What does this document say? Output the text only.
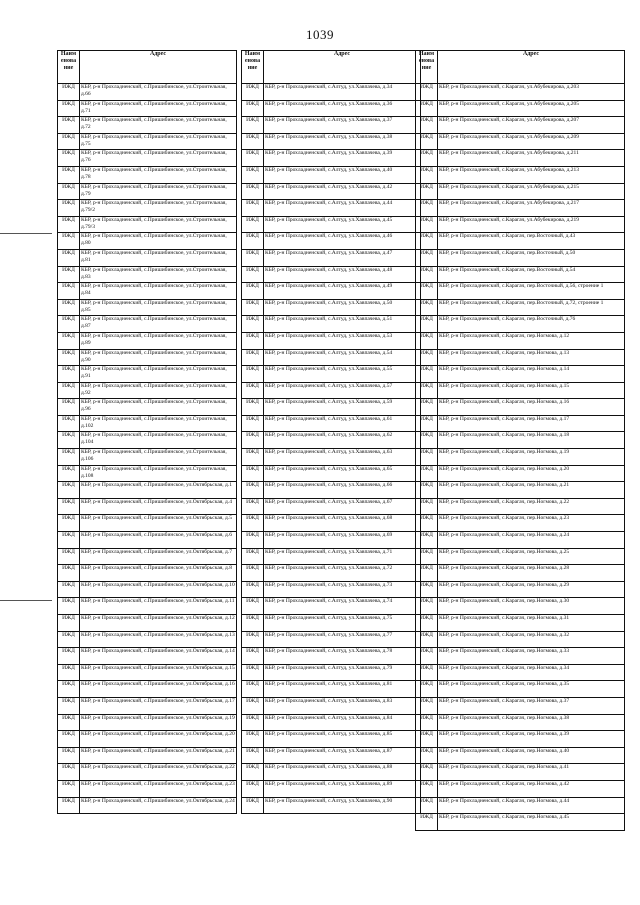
1039
Наим енова ние	Адрес
ИЖД	КБР, р-н Прохладненский, с.Пришибинское, ул.Строительная, д.66
ИЖД	КБР, р-н Прохладненский, с.Пришибинское, ул.Строительная, д.71
ИЖД	КБР, р-н Прохладненский, с.Пришибинское, ул.Строительная, д.72
ИЖД	КБР, р-н Прохладненский, с.Пришибинское, ул.Строительная, д.75
ИЖД	КБР, р-н Прохладненский, с.Пришибинское, ул.Строительная, д.76
ИЖД	КБР, р-н Прохладненский, с.Пришибинское, ул.Строительная, д.78
ИЖД	КБР, р-н Прохладненский, с.Пришибинское, ул.Строительная, д.79
ИЖД	КБР, р-н Прохладненский, с.Пришибинское, ул.Строительная, д.79/2
ИЖД	КБР, р-н Прохладненский, с.Пришибинское, ул.Строительная, д.79/3
ИЖД	КБР, р-н Прохладненский, с.Пришибинское, ул.Строительная, д.80
ИЖД	КБР, р-н Прохладненский, с.Пришибинское, ул.Строительная, д.81
ИЖД	КБР, р-н Прохладненский, с.Пришибинское, ул.Строительная, д.83
ИЖД	КБР, р-н Прохладненский, с.Пришибинское, ул.Строительная, д.84
ИЖД	КБР, р-н Прохладненский, с.Пришибинское, ул.Строительная, д.85
ИЖД	КБР, р-н Прохладненский, с.Пришибинское, ул.Строительная, д.87
ИЖД	КБР, р-н Прохладненский, с.Пришибинское, ул.Строительная, д.89
ИЖД	КБР, р-н Прохладненский, с.Пришибинское, ул.Строительная, д.90
ИЖД	КБР, р-н Прохладненский, с.Пришибинское, ул.Строительная, д.91
ИЖД	КБР, р-н Прохладненский, с.Пришибинское, ул.Строительная, д.92
ИЖД	КБР, р-н Прохладненский, с.Пришибинское, ул.Строительная, д.96
ИЖД	КБР, р-н Прохладненский, с.Пришибинское, ул.Строительная, д.102
ИЖД	КБР, р-н Прохладненский, с.Пришибинское, ул.Строительная, д.104
ИЖД	КБР, р-н Прохладненский, с.Пришибинское, ул.Строительная, д.106
ИЖД	КБР, р-н Прохладненский, с.Пришибинское, ул.Строительная, д.108
ИЖД	КБР, р-н Прохладненский, с.Пришибинское, ул.Октябрьская, д.1
ИЖД	КБР, р-н Прохладненский, с.Пришибинское, ул.Октябрьская, д.4
ИЖД	КБР, р-н Прохладненский, с.Пришибинское, ул.Октябрьская, д.5
ИЖД	КБР, р-н Прохладненский, с.Пришибинское, ул.Октябрьская, д.6
ИЖД	КБР, р-н Прохладненский, с.Пришибинское, ул.Октябрьская, д.7
ИЖД	КБР, р-н Прохладненский, с.Пришибинское, ул.Октябрьская, д.8
ИЖД	КБР, р-н Прохладненский, с.Пришибинское, ул.Октябрьская, д.10
ИЖД	КБР, р-н Прохладненский, с.Пришибинское, ул.Октябрьская, д.11
ИЖД	КБР, р-н Прохладненский, с.Пришибинское, ул.Октябрьская, д.12
ИЖД	КБР, р-н Прохладненский, с.Пришибинское, ул.Октябрьская, д.13
ИЖД	КБР, р-н Прохладненский, с.Пришибинское, ул.Октябрьская, д.14
ИЖД	КБР, р-н Прохладненский, с.Пришибинское, ул.Октябрьская, д.15
ИЖД	КБР, р-н Прохладненский, с.Пришибинское, ул.Октябрьская, д.16
ИЖД	КБР, р-н Прохладненский, с.Пришибинское, ул.Октябрьская, д.17
ИЖД	КБР, р-н Прохладненский, с.Пришибинское, ул.Октябрьская, д.19
ИЖД	КБР, р-н Прохладненский, с.Пришибинское, ул.Октябрьская, д.20
ИЖД	КБР, р-н Прохладненский, с.Пришибинское, ул.Октябрьская, д.21
ИЖД	КБР, р-н Прохладненский, с.Пришибинское, ул.Октябрьская, д.22
ИЖД	КБР, р-н Прохладненский, с.Пришибинское, ул.Октябрьская, д.23
ИЖД	КБР, р-н Прохладненский, с.Пришибинское, ул.Октябрьская, д.24
Наим енова ние	Адрес
ИЖД	КБР, р-н Прохладненский, с.Алтуд, ул.Хавпачева, д.34
ИЖД	КБР, р-н Прохладненский, с.Алтуд, ул.Хавпачева, д.36
ИЖД	КБР, р-н Прохладненский, с.Алтуд, ул.Хавпачева, д.37
ИЖД	КБР, р-н Прохладненский, с.Алтуд, ул.Хавпачева, д.38
ИЖД	КБР, р-н Прохладненский, с.Алтуд, ул.Хавпачева, д.39
ИЖД	КБР, р-н Прохладненский, с.Алтуд, ул.Хавпачева, д.40
ИЖД	КБР, р-н Прохладненский, с.Алтуд, ул.Хавпачева, д.42
ИЖД	КБР, р-н Прохладненский, с.Алтуд, ул.Хавпачева, д.44
ИЖД	КБР, р-н Прохладненский, с.Алтуд, ул.Хавпачева, д.45
ИЖД	КБР, р-н Прохладненский, с.Алтуд, ул.Хавпачева, д.46
ИЖД	КБР, р-н Прохладненский, с.Алтуд, ул.Хавпачева, д.47
ИЖД	КБР, р-н Прохладненский, с.Алтуд, ул.Хавпачева, д.48
ИЖД	КБР, р-н Прохладненский, с.Алтуд, ул.Хавпачева, д.49
ИЖД	КБР, р-н Прохладненский, с.Алтуд, ул.Хавпачева, д.50
ИЖД	КБР, р-н Прохладненский, с.Алтуд, ул.Хавпачева, д.51
ИЖД	КБР, р-н Прохладненский, с.Алтуд, ул.Хавпачева, д.53
ИЖД	КБР, р-н Прохладненский, с.Алтуд, ул.Хавпачева, д.54
ИЖД	КБР, р-н Прохладненский, с.Алтуд, ул.Хавпачева, д.55
ИЖД	КБР, р-н Прохладненский, с.Алтуд, ул.Хавпачева, д.57
ИЖД	КБР, р-н Прохладненский, с.Алтуд, ул.Хавпачева, д.59
ИЖД	КБР, р-н Прохладненский, с.Алтуд, ул.Хавпачева, д.61
ИЖД	КБР, р-н Прохладненский, с.Алтуд, ул.Хавпачева, д.62
ИЖД	КБР, р-н Прохладненский, с.Алтуд, ул.Хавпачева, д.63
ИЖД	КБР, р-н Прохладненский, с.Алтуд, ул.Хавпачева, д.65
ИЖД	КБР, р-н Прохладненский, с.Алтуд, ул.Хавпачева, д.66
ИЖД	КБР, р-н Прохладненский, с.Алтуд, ул.Хавпачева, д.67
ИЖД	КБР, р-н Прохладненский, с.Алтуд, ул.Хавпачева, д.68
ИЖД	КБР, р-н Прохладненский, с.Алтуд, ул.Хавпачева, д.69
ИЖД	КБР, р-н Прохладненский, с.Алтуд, ул.Хавпачева, д.71
ИЖД	КБР, р-н Прохладненский, с.Алтуд, ул.Хавпачева, д.72
ИЖД	КБР, р-н Прохладненский, с.Алтуд, ул.Хавпачева, д.73
ИЖД	КБР, р-н Прохладненский, с.Алтуд, ул.Хавпачева, д.74
ИЖД	КБР, р-н Прохладненский, с.Алтуд, ул.Хавпачева, д.75
ИЖД	КБР, р-н Прохладненский, с.Алтуд, ул.Хавпачева, д.77
ИЖД	КБР, р-н Прохладненский, с.Алтуд, ул.Хавпачева, д.78
ИЖД	КБР, р-н Прохладненский, с.Алтуд, ул.Хавпачева, д.79
ИЖД	КБР, р-н Прохладненский, с.Алтуд, ул.Хавпачева, д.81
ИЖД	КБР, р-н Прохладненский, с.Алтуд, ул.Хавпачева, д.83
ИЖД	КБР, р-н Прохладненский, с.Алтуд, ул.Хавпачева, д.84
ИЖД	КБР, р-н Прохладненский, с.Алтуд, ул.Хавпачева, д.85
ИЖД	КБР, р-н Прохладненский, с.Алтуд, ул.Хавпачева, д.87
ИЖД	КБР, р-н Прохладненский, с.Алтуд, ул.Хавпачева, д.88
ИЖД	КБР, р-н Прохладненский, с.Алтуд, ул.Хавпачева, д.89
ИЖД	КБР, р-н Прохладненский, с.Алтуд, ул.Хавпачева, д.90
Наим енова ние	Адрес
ИЖД	КБР, р-н Прохладненский, с.Карагач, ул.Абубекирова, д.203
ИЖД	КБР, р-н Прохладненский, с.Карагач, ул.Абубекирова, д.205
ИЖД	КБР, р-н Прохладненский, с.Карагач, ул.Абубекирова, д.207
ИЖД	КБР, р-н Прохладненский, с.Карагач, ул.Абубекирова, д.209
ИЖД	КБР, р-н Прохладненский, с.Карагач, ул.Абубекирова, д.211
ИЖД	КБР, р-н Прохладненский, с.Карагач, ул.Абубекирова, д.213
ИЖД	КБР, р-н Прохладненский, с.Карагач, ул.Абубекирова, д.215
ИЖД	КБР, р-н Прохладненский, с.Карагач, ул.Абубекирова, д.217
ИЖД	КБР, р-н Прохладненский, с.Карагач, ул.Абубекирова, д.219
ИЖД	КБР, р-н Прохладненский, с.Карагач, пер.Восточный, д.43
ИЖД	КБР, р-н Прохладненский, с.Карагач, пер.Восточный, д.50
ИЖД	КБР, р-н Прохладненский, с.Карагач, пер.Восточный, д.54
ИЖД	КБР, р-н Прохладненский, с.Карагач, пер.Восточный, д.56, строение 1
ИЖД	КБР, р-н Прохладненский, с.Карагач, пер.Восточный, д.72, строение 1
ИЖД	КБР, р-н Прохладненский, с.Карагач, пер.Восточный, д.76
ИЖД	КБР, р-н Прохладненский, с.Карагач, пер.Ногмова, д.12
ИЖД	КБР, р-н Прохладненский, с.Карагач, пер.Ногмова, д.13
ИЖД	КБР, р-н Прохладненский, с.Карагач, пер.Ногмова, д.14
ИЖД	КБР, р-н Прохладненский, с.Карагач, пер.Ногмова, д.15
ИЖД	КБР, р-н Прохладненский, с.Карагач, пер.Ногмова, д.16
ИЖД	КБР, р-н Прохладненский, с.Карагач, пер.Ногмова, д.17
ИЖД	КБР, р-н Прохладненский, с.Карагач, пер.Ногмова, д.18
ИЖД	КБР, р-н Прохладненский, с.Карагач, пер.Ногмова, д.19
ИЖД	КБР, р-н Прохладненский, с.Карагач, пер.Ногмова, д.20
ИЖД	КБР, р-н Прохладненский, с.Карагач, пер.Ногмова, д.21
ИЖД	КБР, р-н Прохладненский, с.Карагач, пер.Ногмова, д.22
ИЖД	КБР, р-н Прохладненский, с.Карагач, пер.Ногмова, д.23
ИЖД	КБР, р-н Прохладненский, с.Карагач, пер.Ногмова, д.24
ИЖД	КБР, р-н Прохладненский, с.Карагач, пер.Ногмова, д.25
ИЖД	КБР, р-н Прохладненский, с.Карагач, пер.Ногмова, д.28
ИЖД	КБР, р-н Прохладненский, с.Карагач, пер.Ногмова, д.29
ИЖД	КБР, р-н Прохладненский, с.Карагач, пер.Ногмова, д.30
ИЖД	КБР, р-н Прохладненский, с.Карагач, пер.Ногмова, д.31
ИЖД	КБР, р-н Прохладненский, с.Карагач, пер.Ногмова, д.32
ИЖД	КБР, р-н Прохладненский, с.Карагач, пер.Ногмова, д.33
ИЖД	КБР, р-н Прохладненский, с.Карагач, пер.Ногмова, д.34
ИЖД	КБР, р-н Прохладненский, с.Карагач, пер.Ногмова, д.35
ИЖД	КБР, р-н Прохладненский, с.Карагач, пер.Ногмова, д.37
ИЖД	КБР, р-н Прохладненский, с.Карагач, пер.Ногмова, д.38
ИЖД	КБР, р-н Прохладненский, с.Карагач, пер.Ногмова, д.39
ИЖД	КБР, р-н Прохладненский, с.Карагач, пер.Ногмова, д.40
ИЖД	КБР, р-н Прохладненский, с.Карагач, пер.Ногмова, д.41
ИЖД	КБР, р-н Прохладненский, с.Карагач, пер.Ногмова, д.42
ИЖД	КБР, р-н Прохладненский, с.Карагач, пер.Ногмова, д.44
ИЖД	КБР, р-н Прохладненский, с.Карагач, пер.Ногмова, д.45
